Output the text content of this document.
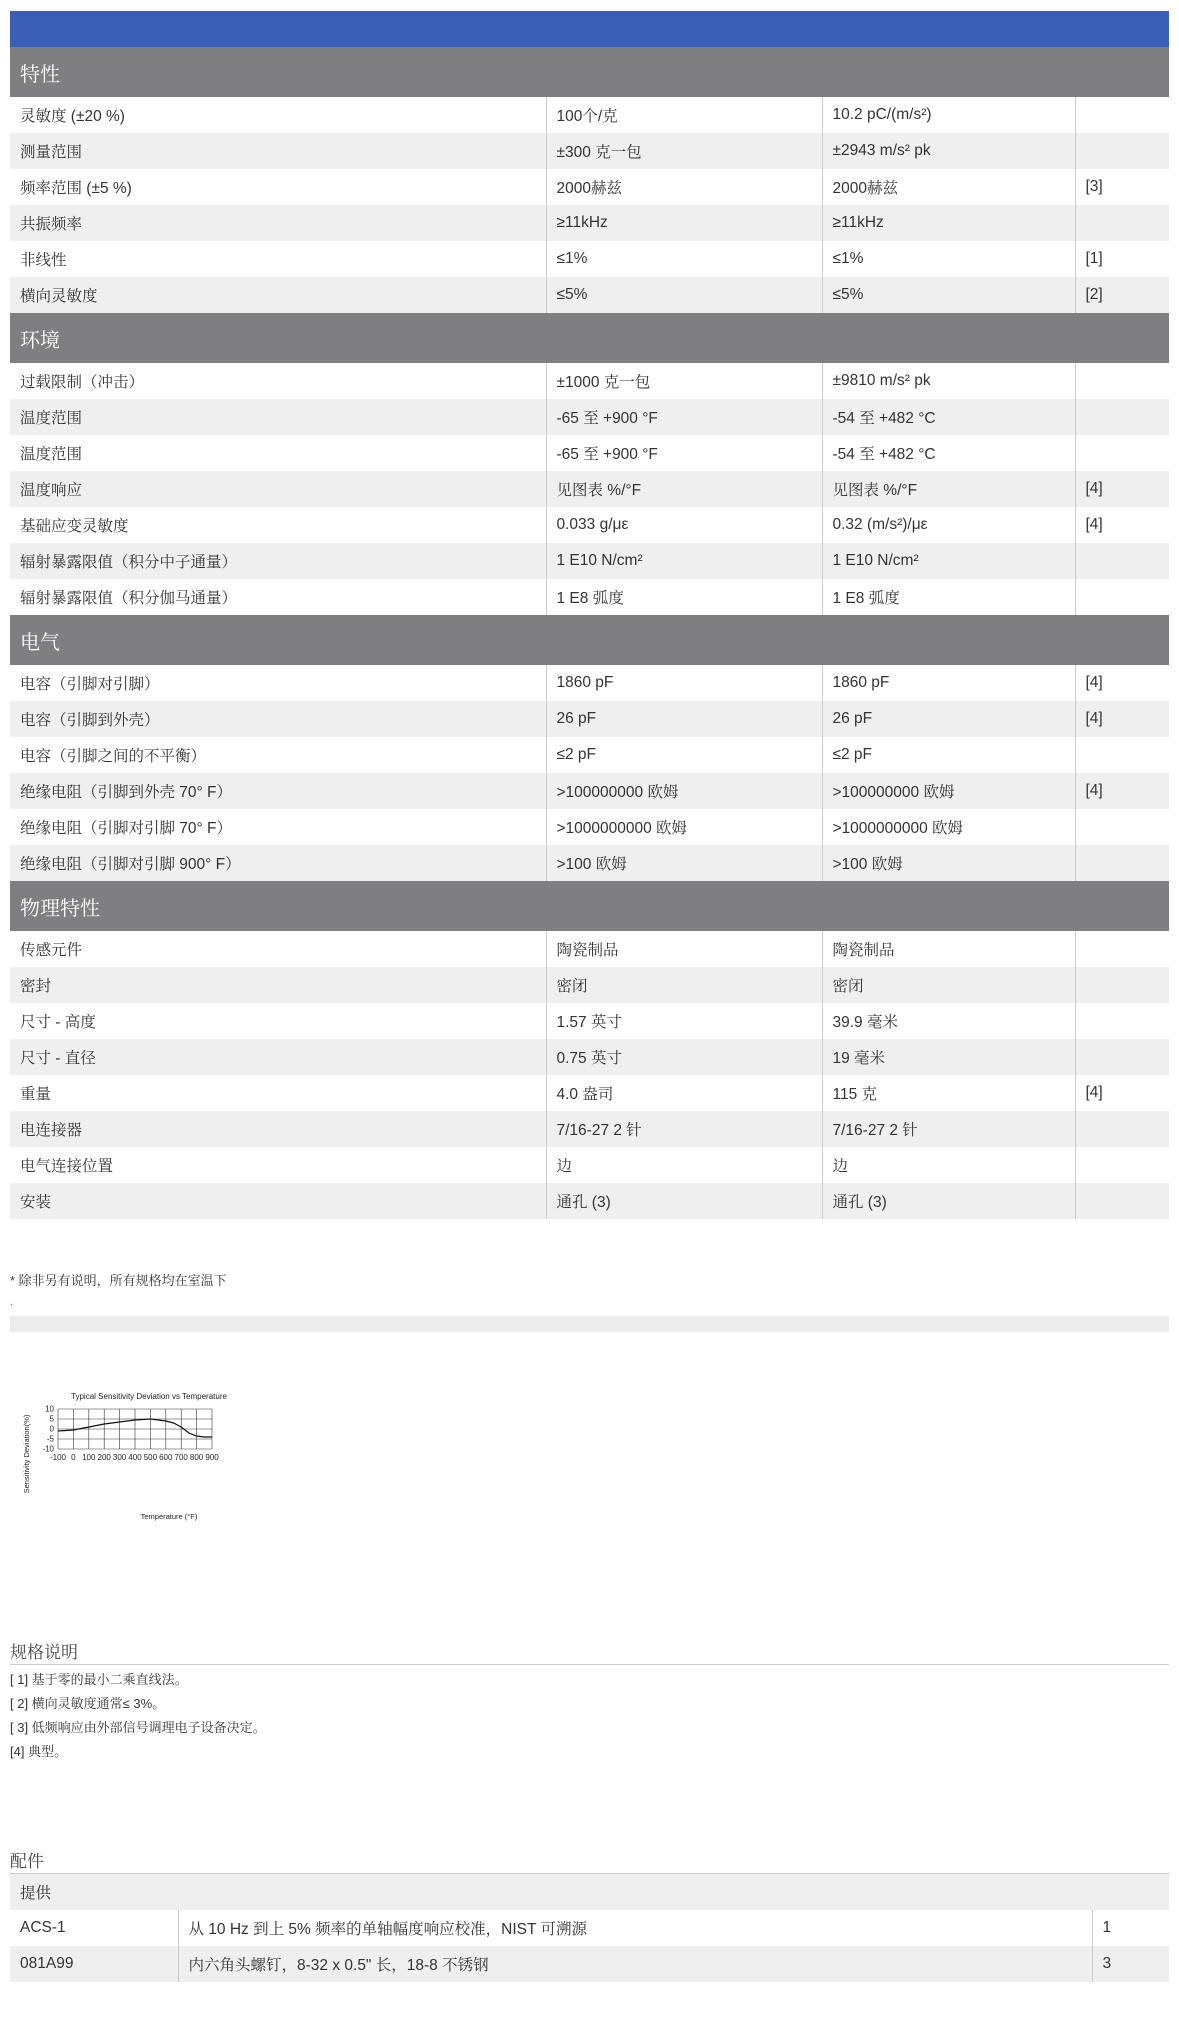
特性			
灵敏度 (±20 %)	100个/克	10.2 pC/(m/s²)	
测量范围	±300 克一包	±2943 m/s² pk	
频率范围 (±5 %)	2000赫兹	2000赫兹	[3]
共振频率	≥11kHz	≥11kHz	
非线性	≤1%	≤1%	[1]
横向灵敏度	≤5%	≤5%	[2]
环境			
过载限制（冲击）	±1000 克一包	±9810 m/s² pk	
温度范围	-65 至 +900 °F	-54 至 +482 °C	
温度范围	-65 至 +900 °F	-54 至 +482 °C	
温度响应	见图表 %/°F	见图表 %/°F	[4]
基础应变灵敏度	0.033 g/με	0.32 (m/s²)/με	[4]
辐射暴露限值（积分中子通量）	1 E10 N/cm²	1 E10 N/cm²	
辐射暴露限值（积分伽马通量）	1 E8 弧度	1 E8 弧度	
电气			
电容（引脚对引脚）	1860 pF	1860 pF	[4]
电容（引脚到外壳）	26 pF	26 pF	[4]
电容（引脚之间的不平衡）	≤2 pF	≤2 pF	
绝缘电阻（引脚到外壳 70° F）	>100000000 欧姆	>100000000 欧姆	[4]
绝缘电阻（引脚对引脚 70° F）	>1000000000 欧姆	>1000000000 欧姆	
绝缘电阻（引脚对引脚 900° F）	>100 欧姆	>100 欧姆	
物理特性			
传感元件	陶瓷制品	陶瓷制品	
密封	密闭	密闭	
尺寸 - 高度	1.57 英寸	39.9 毫米	
尺寸 - 直径	0.75 英寸	19 毫米	
重量	4.0 盎司	115 克	[4]
电连接器	7/16-27 2 针	7/16-27 2 针	
电气连接位置	边	边	
安装	通孔 (3)	通孔 (3)	
* 除非另有说明，所有规格均在室温下
.
Typical Sensitivity Deviation vs Temperature
10
5
0
-5
-10
-100 0 100 200 300 400 500 600 700 800 900
Temperature (°F)
Sensitivity Deviation(%)
规格说明
[ 1] 基于零的最小二乘直线法。
[ 2] 横向灵敏度通常≤ 3%。
[ 3] 低频响应由外部信号调理电子设备决定。
[4] 典型。
配件
提供		
ACS-1	从 10 Hz 到上 5% 频率的单轴幅度响应校准，NIST 可溯源	1
081A99	内六角头螺钉，8-32 x 0.5" 长，18-8 不锈钢	3
